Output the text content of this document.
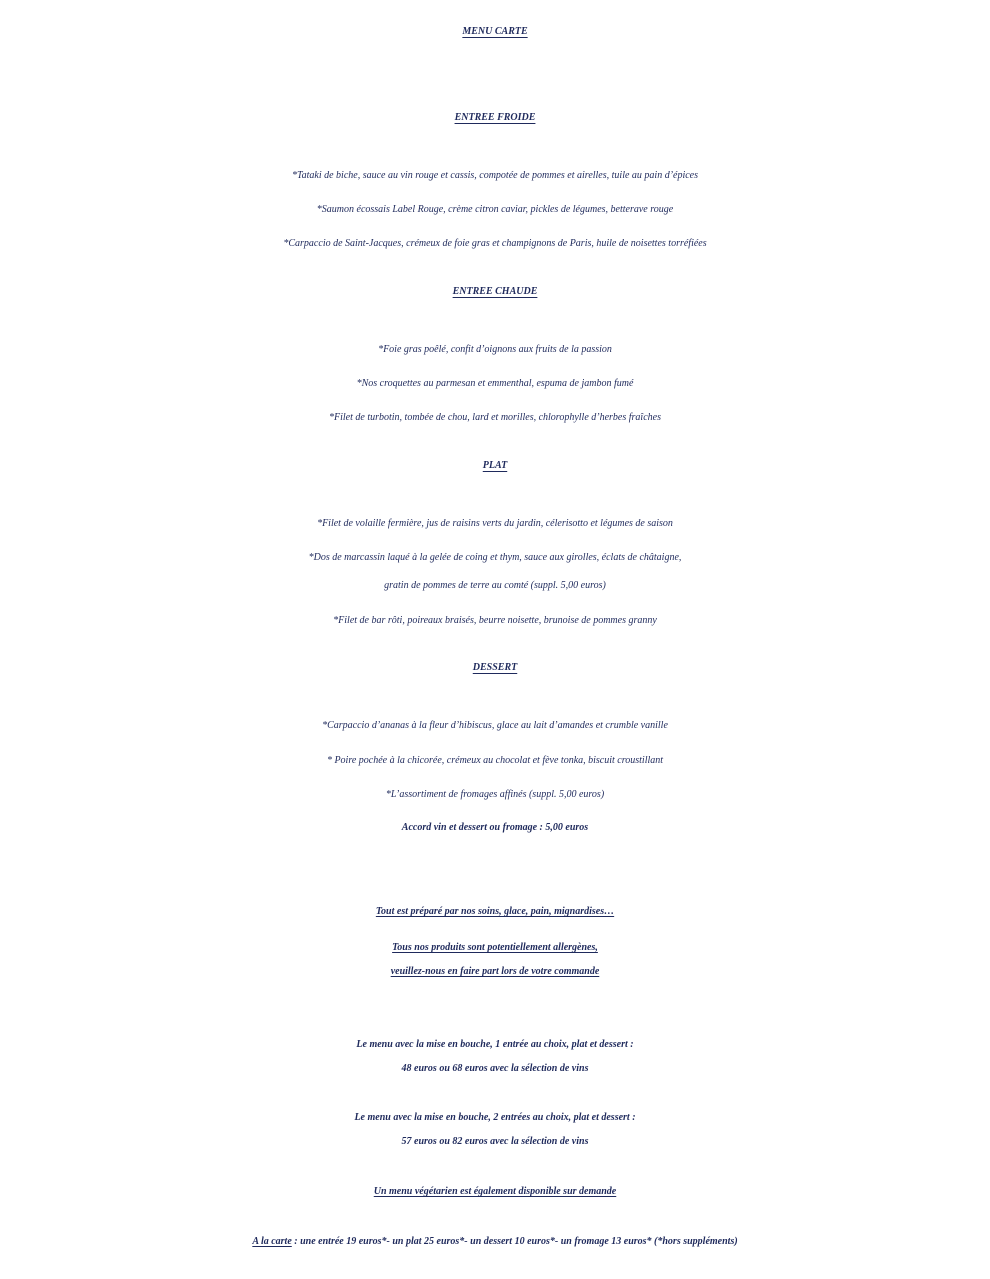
MENU CARTE
ENTREE FROIDE
*Tataki de biche, sauce au vin rouge et cassis, compotée de pommes et airelles, tuile au pain d’épices
*Saumon écossais Label Rouge, crème citron caviar, pickles de légumes, betterave rouge
*Carpaccio de Saint-Jacques, crémeux de foie gras et champignons de Paris, huile de noisettes torréfiées
ENTREE CHAUDE
*Foie gras poêlé, confit d’oignons aux fruits de la passion
*Nos croquettes au parmesan et emmenthal, espuma de jambon fumé
*Filet de turbotin, tombée de chou, lard et morilles, chlorophylle d’herbes fraîches
PLAT
*Filet de volaille fermière, jus de raisins verts du jardin, célerisotto et légumes de saison
*Dos de marcassin laqué à la gelée de coing et thym, sauce aux girolles, éclats de châtaigne,
gratin de pommes de terre au comté (suppl. 5,00 euros)
*Filet de bar rôti, poireaux braisés, beurre noisette, brunoise de pommes granny
DESSERT
*Carpaccio d’ananas à la fleur d’hibiscus, glace au lait d’amandes et crumble vanille
* Poire pochée à la chicorée, crémeux au chocolat et fève tonka, biscuit croustillant
*L’assortiment de fromages affinés (suppl. 5,00 euros)
Accord vin et dessert ou fromage : 5,00 euros
Tout est préparé par nos soins, glace, pain, mignardises…
Tous nos produits sont potentiellement allergènes,
veuillez-nous en faire part lors de votre commande
Le menu avec la mise en bouche, 1 entrée au choix, plat et dessert :
48 euros ou 68 euros avec la sélection de vins
Le menu avec la mise en bouche, 2 entrées au choix, plat et dessert :
57 euros ou 82 euros avec la sélection de vins
Un menu végétarien est également disponible sur demande
A la carte : une entrée 19 euros*- un plat 25 euros*- un dessert 10 euros*- un fromage 13 euros* (*hors suppléments)
